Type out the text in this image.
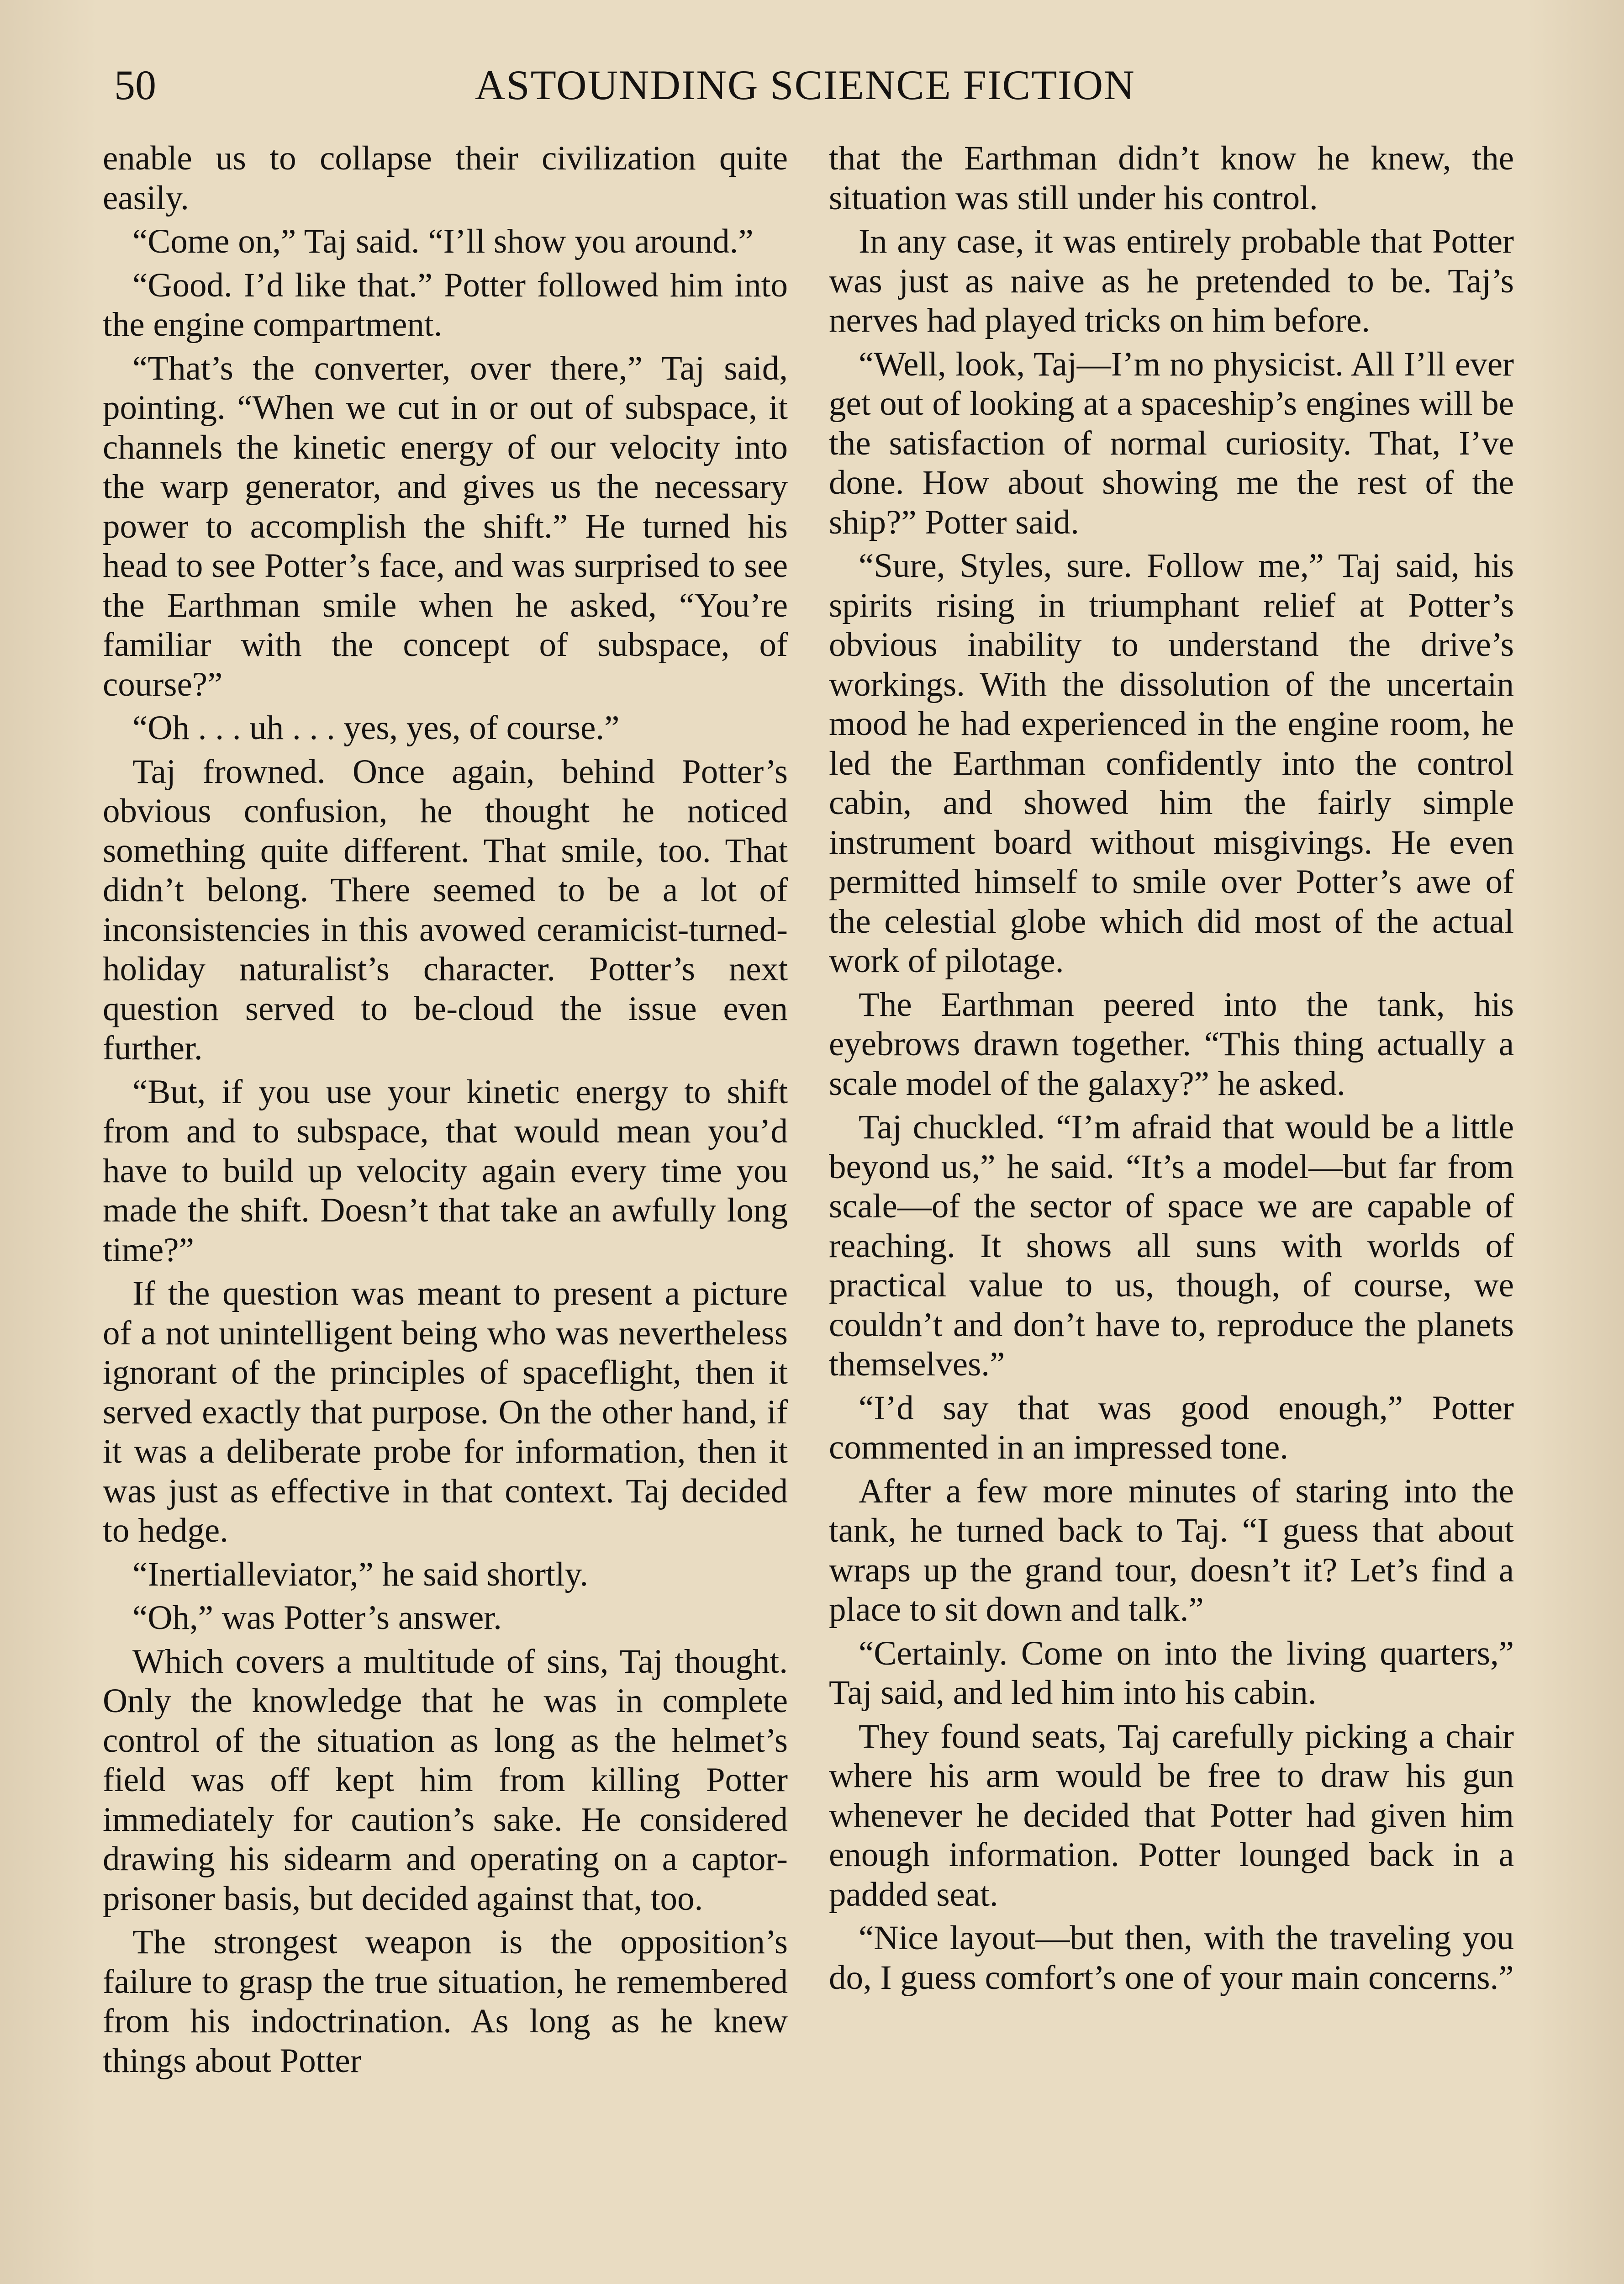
50	ASTOUNDING SCIENCE FICTION

enable us to collapse their civilization quite easily.

“Come on,” Taj said. “I’ll show you around.”

“Good. I’d like that.” Potter followed him into the engine compartment.

“That’s the converter, over there,” Taj said, pointing. “When we cut in or out of subspace, it channels the kinetic energy of our velocity into the warp generator, and gives us the necessary power to accomplish the shift.” He turned his head to see Potter’s face, and was surprised to see the Earthman smile when he asked, “You’re familiar with the concept of subspace, of course?”

“Oh . . . uh . . . yes, yes, of course.”

Taj frowned. Once again, behind Potter’s obvious confusion, he thought he noticed something quite different. That smile, too. That didn’t belong. There seemed to be a lot of inconsistencies in this avowed ceramicist-turned-holiday naturalist’s character. Potter’s next question served to be-cloud the issue even further.

“But, if you use your kinetic energy to shift from and to subspace, that would mean you’d have to build up velocity again every time you made the shift. Doesn’t that take an awfully long time?”

If the question was meant to present a picture of a not unintelligent being who was nevertheless ignorant of the principles of spaceflight, then it served exactly that purpose. On the other hand, if it was a deliberate probe for information, then it was just as effective in that context. Taj decided to hedge.

“Inertialleviator,” he said shortly.

“Oh,” was Potter’s answer.

Which covers a multitude of sins, Taj thought. Only the knowledge that he was in complete control of the situation as long as the helmet’s field was off kept him from killing Potter immediately for caution’s sake. He considered drawing his sidearm and operating on a captor-prisoner basis, but decided against that, too.

The strongest weapon is the opposition’s failure to grasp the true situation, he remembered from his indoctrination. As long as he knew things about Potter

that the Earthman didn’t know he knew, the situation was still under his control.

In any case, it was entirely probable that Potter was just as naive as he pretended to be. Taj’s nerves had played tricks on him before.

“Well, look, Taj—I’m no physicist. All I’ll ever get out of looking at a spaceship’s engines will be the satisfaction of normal curiosity. That, I’ve done. How about showing me the rest of the ship?” Potter said.

“Sure, Styles, sure. Follow me,” Taj said, his spirits rising in triumphant relief at Potter’s obvious inability to understand the drive’s workings. With the dissolution of the uncertain mood he had experienced in the engine room, he led the Earthman confidently into the control cabin, and showed him the fairly simple instrument board without misgivings. He even permitted himself to smile over Potter’s awe of the celestial globe which did most of the actual work of pilotage.

The Earthman peered into the tank, his eyebrows drawn together. “This thing actually a scale model of the galaxy?” he asked.

Taj chuckled. “I’m afraid that would be a little beyond us,” he said. “It’s a model—but far from scale—of the sector of space we are capable of reaching. It shows all suns with worlds of practical value to us, though, of course, we couldn’t and don’t have to, reproduce the planets themselves.”

“I’d say that was good enough,” Potter commented in an impressed tone.

After a few more minutes of staring into the tank, he turned back to Taj. “I guess that about wraps up the grand tour, doesn’t it? Let’s find a place to sit down and talk.”

“Certainly. Come on into the living quarters,” Taj said, and led him into his cabin.

They found seats, Taj carefully picking a chair where his arm would be free to draw his gun whenever he decided that Potter had given him enough information. Potter lounged back in a padded seat.

“Nice layout—but then, with the traveling you do, I guess comfort’s one of your main concerns.”
